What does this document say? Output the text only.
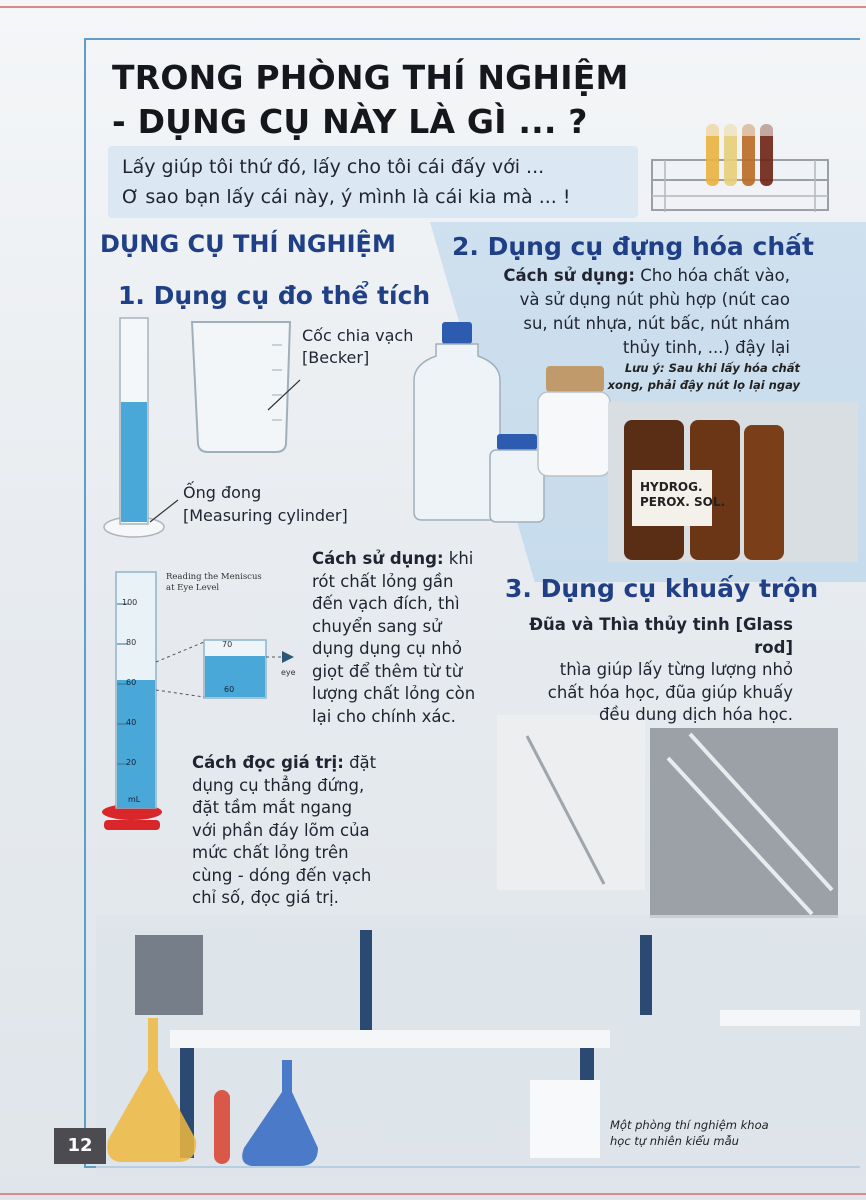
TRONG PHÒNG THÍ NGHIỆM
- DỤNG CỤ NÀY LÀ GÌ ... ?
Lấy giúp tôi thứ đó, lấy cho tôi cái đấy với ...
Ơ sao bạn lấy cái này, ý mình là cái kia mà ... !
DỤNG CỤ THÍ NGHIỆM
1. Dụng cụ đo thể tích
Cốc chia vạch
[Becker]
Ống đong
[Measuring cylinder]
Reading the Meniscus
at Eye Level
100
80
60
40
20
mL
70
60
eye
Cách sử dụng: khi
rót chất lỏng gần
đến vạch đích, thì
chuyển sang sử
dụng dụng cụ nhỏ
giọt để thêm từ từ
lượng chất lỏng còn
lại cho chính xác.
Cách đọc giá trị: đặt
dụng cụ thẳng đứng,
đặt tầm mắt ngang
với phần đáy lõm của
mức chất lỏng trên
cùng - dóng đến vạch
chỉ số, đọc giá trị.
2. Dụng cụ đựng hóa chất
Cách sử dụng: Cho hóa chất vào,
và sử dụng nút phù hợp (nút cao
su, nút nhựa, nút bấc, nút nhám
thủy tinh, ...) đậy lại
Lưu ý: Sau khi lấy hóa chất
xong, phải đậy nút lọ lại ngay
HYDROG.
PEROX. SOL.
3. Dụng cụ khuấy trộn
Đũa và Thìa thủy tinh [Glass rod]
thìa giúp lấy từng lượng nhỏ
chất hóa học, đũa giúp khuấy
đều dung dịch hóa học.
Một phòng thí nghiệm khoa
học tự nhiên kiểu mẫu
12
